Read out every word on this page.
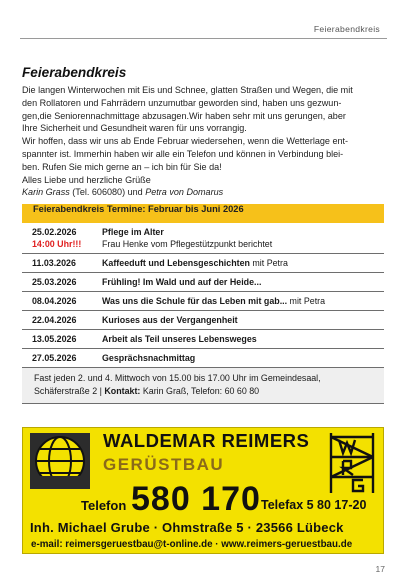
Feierabendkreis
Feierabendkreis

Die langen Winterwochen mit Eis und Schnee, glatten Straßen und Wegen, die mit

den Rollatoren und Fahrrädern unzumutbar geworden sind, haben uns gezwun-

gen,die Seniorennachmittage abzusagen.Wir haben sehr mit uns gerungen, aber

Ihre Sicherheit und Gesundheit waren für uns vorrangig.

Wir hoffen, dass wir uns ab Ende Februar wiedersehen, wenn die Wetterlage ent-

spannter ist. Immerhin haben wir alle ein Telefon und können in Verbindung blei-

ben. Rufen Sie mich gerne an – ich bin für Sie da!

Alles Liebe und herzliche Grüße

Karin Grass (Tel. 606080) und Petra von Domarus

Feierabendkreis Termine: Februar bis Juni 2026	
25.02.2026
14:00 Uhr!!!	Pflege im Alter
Frau Henke vom Pflegestützpunkt berichtet

11.03.2026	Kaffeeduft und Lebensgeschichten mit Petra
25.03.2026	Frühling! Im Wald und auf der Heide...
08.04.2026	Was uns die Schule für das Leben mit gab... mit Petra
22.04.2026	Kurioses aus der Vergangenheit
13.05.2026	Arbeit als Teil unseres Lebensweges
27.05.2026	Gesprächsnachmittag
Fast jeden 2. und 4. Mittwoch von 15.00 bis 17.00 Uhr im Gemeindesaal,
Schäferstraße 2 | Kontakt: Karin Graß, Telefon: 60 60 80	
WALDEMAR REIMERS
GERÜSTBAU
Telefon 580 170 Telefax 5 80 17-20
Inh. Michael Grube · Ohmstraße 5 · 23566 Lübeck
e-mail: reimersgeruestbau@t-online.de · www.reimers-geruestbau.de
17
